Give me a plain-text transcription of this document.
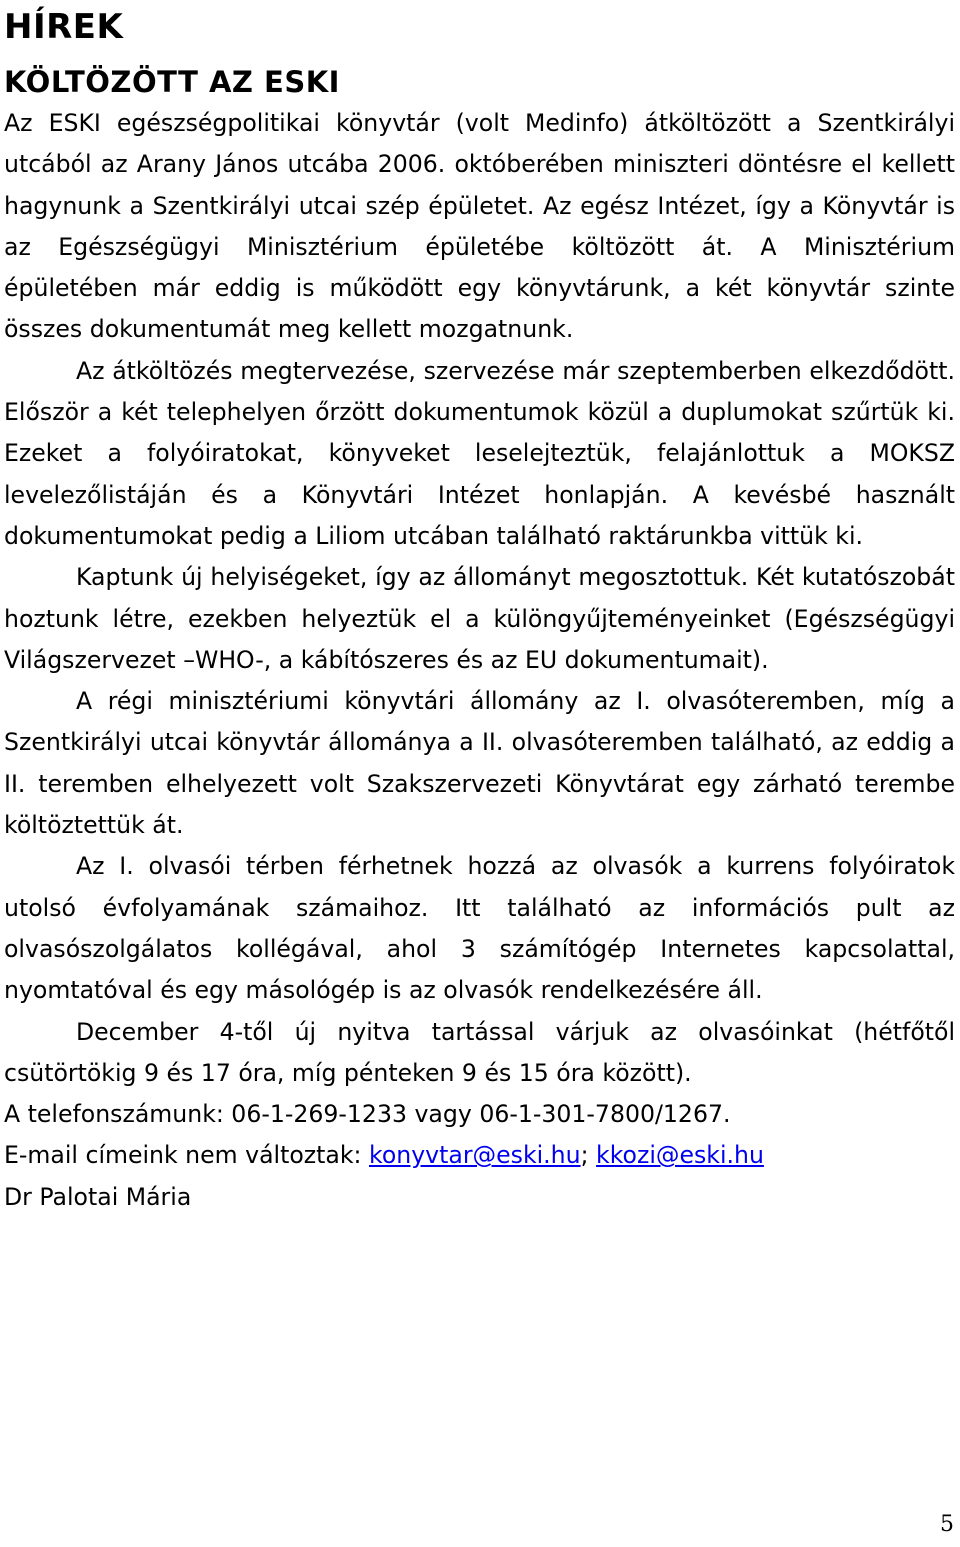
HÍREK
KÖLTÖZÖTT AZ ESKI

Az ESKI egészségpolitikai könyvtár (volt Medinfo) átköltözött a Szentkirályi utcából az Arany János utcába 2006. októberében miniszteri döntésre el kellett hagynunk a Szentkirályi utcai szép épületet. Az egész Intézet, így a Könyvtár is az Egészségügyi Minisztérium épületébe költözött át. A Minisztérium épületében már eddig is működött egy könyvtárunk, a két könyvtár szinte összes dokumentumát meg kellett mozgatnunk.

Az átköltözés megtervezése, szervezése már szeptemberben elkezdődött. Először a két telephelyen őrzött dokumentumok közül a duplumokat szűrtük ki. Ezeket a folyóiratokat, könyveket leselejteztük, felajánlottuk a MOKSZ levelezőlistáján és a Könyvtári Intézet honlapján. A kevésbé használt dokumentumokat pedig a Liliom utcában található raktárunkba vittük ki.

Kaptunk új helyiségeket, így az állományt megosztottuk. Két kutatószobát hoztunk létre, ezekben helyeztük el a különgyűjteményeinket (Egészségügyi Világszervezet –WHO-, a kábítószeres és az EU dokumentumait).

A régi minisztériumi könyvtári állomány az I. olvasóteremben, míg a Szentkirályi utcai könyvtár állománya a II. olvasóteremben található, az eddig a II. teremben elhelyezett volt Szakszervezeti Könyvtárat egy zárható terembe költöztettük át.

Az I. olvasói térben férhetnek hozzá az olvasók a kurrens folyóiratok utolsó évfolyamának számaihoz. Itt található az információs pult az olvasószolgálatos kollégával, ahol 3 számítógép Internetes kapcsolattal, nyomtatóval és egy másológép is az olvasók rendelkezésére áll.

December 4-től új nyitva tartással várjuk az olvasóinkat (hétfőtől csütörtökig 9 és 17 óra, míg pénteken 9 és 15 óra között).

A telefonszámunk: 06-1-269-1233 vagy 06-1-301-7800/1267.

E-mail címeink nem változtak: konyvtar@eski.hu; kkozi@eski.hu

Dr Palotai Mária

5
